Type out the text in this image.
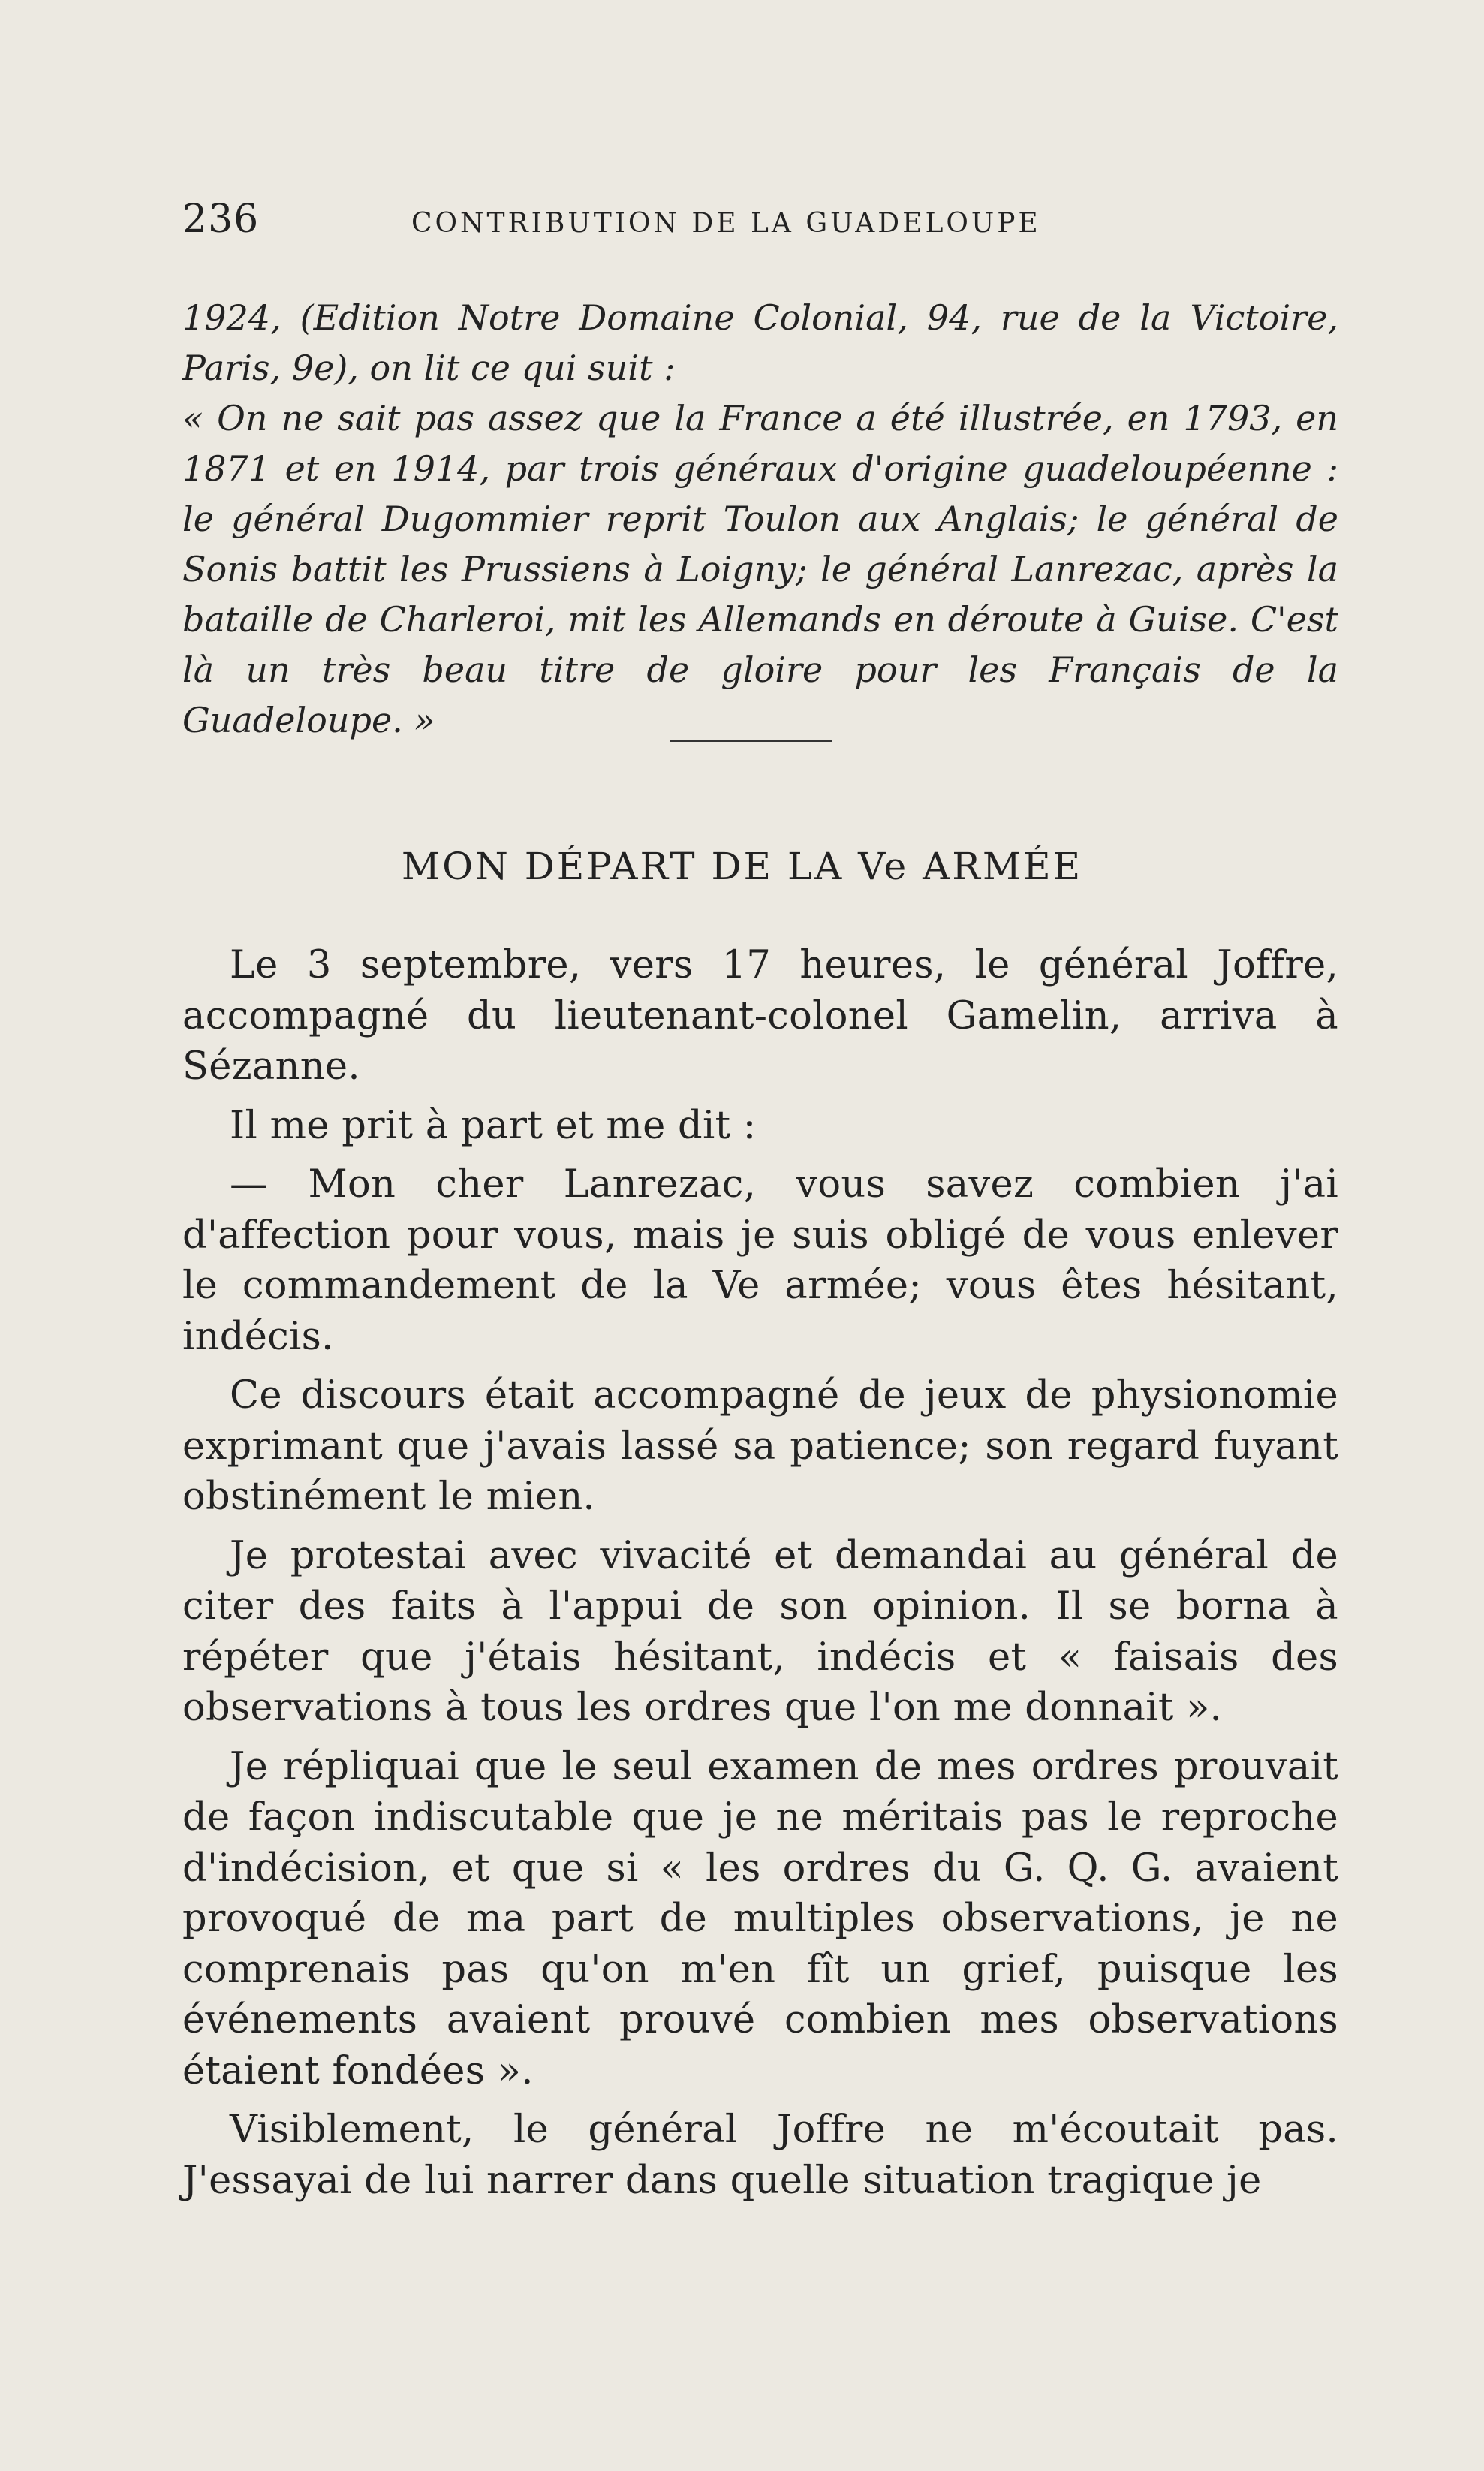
236	CONTRIBUTION DE LA GUADELOUPE

1924, (Edition Notre Domaine Colonial, 94, rue de la Victoire, Paris, 9e), on lit ce qui suit :

« On ne sait pas assez que la France a été illustrée, en 1793, en 1871 et en 1914, par trois généraux d'origine guadeloupéenne : le général Dugommier reprit Toulon aux Anglais; le général de Sonis battit les Prussiens à Loigny; le général Lanrezac, après la bataille de Charleroi, mit les Allemands en déroute à Guise. C'est là un très beau titre de gloire pour les Français de la Guadeloupe. »

MON DÉPART DE LA Ve ARMÉE

Le 3 septembre, vers 17 heures, le général Joffre, accompagné du lieutenant-colonel Gamelin, arriva à Sézanne.

Il me prit à part et me dit :

— Mon cher Lanrezac, vous savez combien j'ai d'affection pour vous, mais je suis obligé de vous enlever le commandement de la Ve armée; vous êtes hésitant, indécis.

Ce discours était accompagné de jeux de physionomie exprimant que j'avais lassé sa patience; son regard fuyant obstinément le mien.

Je protestai avec vivacité et demandai au général de citer des faits à l'appui de son opinion. Il se borna à répéter que j'étais hésitant, indécis et « faisais des observations à tous les ordres que l'on me donnait ».

Je répliquai que le seul examen de mes ordres prouvait de façon indiscutable que je ne méritais pas le reproche d'indécision, et que si « les ordres du G. Q. G. avaient provoqué de ma part de multiples observations, je ne comprenais pas qu'on m'en fît un grief, puisque les événements avaient prouvé combien mes observations étaient fondées ».

Visiblement, le général Joffre ne m'écoutait pas. J'essayai de lui narrer dans quelle situation tragique je
